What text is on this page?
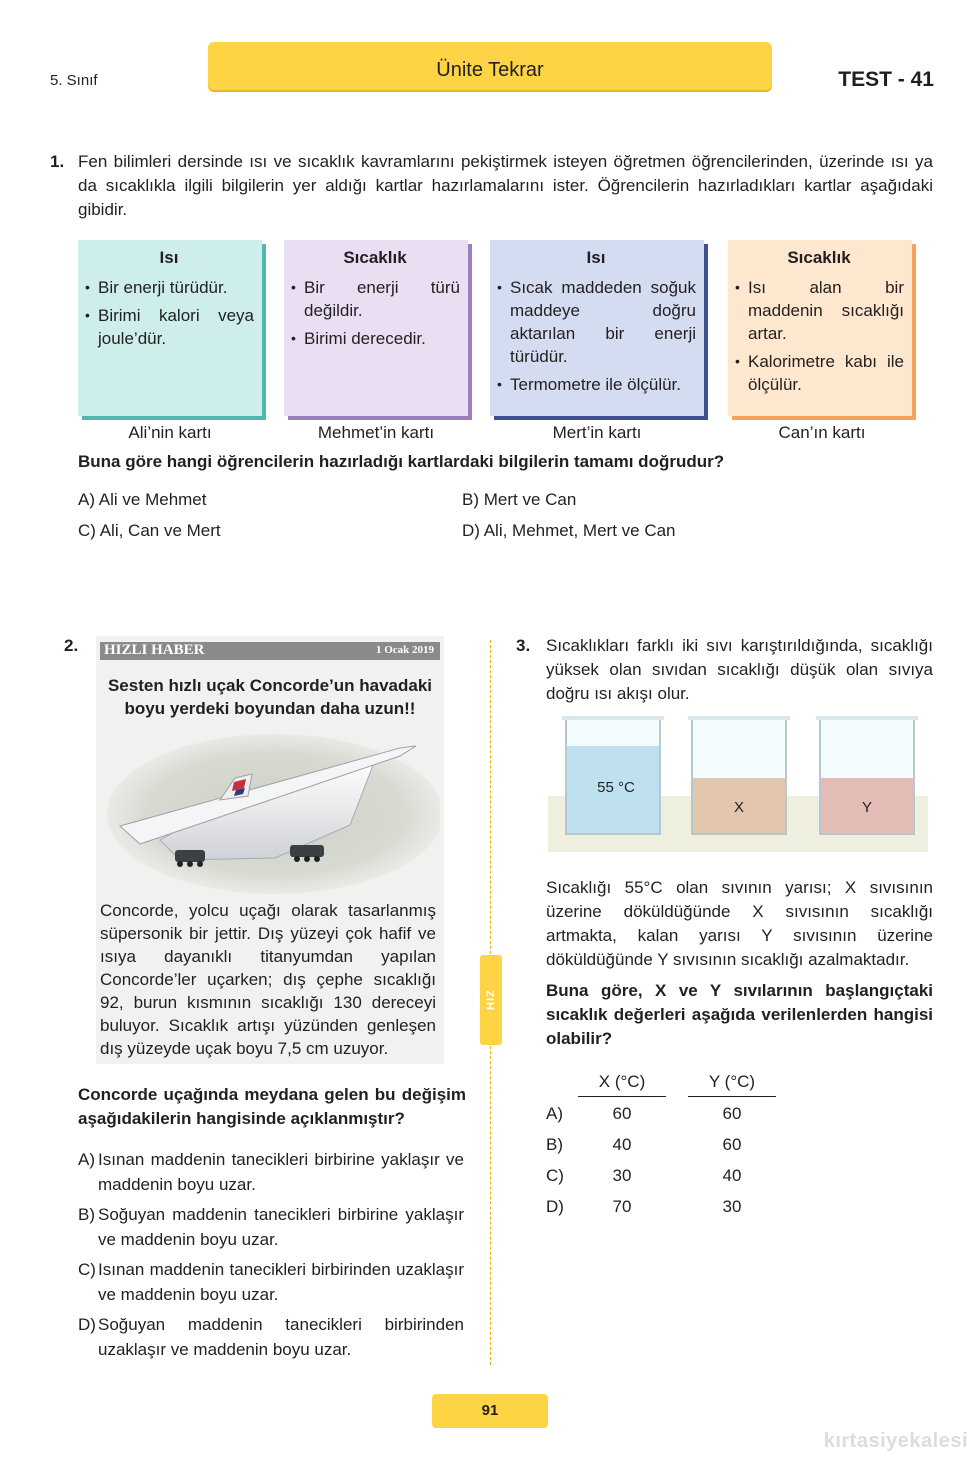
5. Sınıf	Ünite Tekrar	TEST - 41
1. Fen bilimleri dersinde ısı ve sıcaklık kavramlarını pekiştirmek isteyen öğretmen öğrencilerinden, üzerinde ısı ya da sıcaklıkla ilgili bilgilerin yer aldığı kartlar hazırlamalarını ister. Öğrencilerin hazırladıkları kartlar aşağıdaki gibidir.
Isı
• Bir enerji türüdür.
• Birimi kalori veya joule’dür.
Sıcaklık
• Bir enerji türü değildir.
• Birimi derecedir.
Isı
• Sıcak maddeden soğuk maddeye doğru aktarılan bir enerji türüdür.
• Termometre ile ölçülür.
Sıcaklık
• Isı alan bir maddenin sıcaklığı artar.
• Kalorimetre kabı ile ölçülür.
Ali’nin kartı	Mehmet’in kartı	Mert’in kartı	Can’ın kartı
Buna göre hangi öğrencilerin hazırladığı kartlardaki bilgilerin tamamı doğrudur?
A) Ali ve Mehmet	B) Mert ve Can
C) Ali, Can ve Mert	D) Ali, Mehmet, Mert ve Can
HIZ YAYINLARI
2. HIZLI HABER	1 Ocak 2019
Sesten hızlı uçak Concorde’un havadaki boyu yerdeki boyundan daha uzun!!
Concorde, yolcu uçağı olarak tasarlanmış süpersonik bir jettir. Dış yüzeyi çok hafif ve ısıya dayanıklı titanyumdan yapılan Concorde’ler uçarken; dış çephe sıcaklığı 92, burun kısmının sıcaklığı 130 dereceyi buluyor. Sıcaklık artışı yüzünden genleşen dış yüzeyde uçak boyu 7,5 cm uzuyor.
Concorde uçağında meydana gelen bu değişim aşağıdakilerin hangisinde açıklanmıştır?
A) Isınan maddenin tanecikleri birbirine yaklaşır ve maddenin boyu uzar.
B) Soğuyan maddenin tanecikleri birbirine yaklaşır ve maddenin boyu uzar.
C) Isınan maddenin tanecikleri birbirinden uzaklaşır ve maddenin boyu uzar.
D) Soğuyan maddenin tanecikleri birbirinden uzaklaşır ve maddenin boyu uzar.
3. Sıcaklıkları farklı iki sıvı karıştırıldığında, sıcaklığı yüksek olan sıvıdan sıcaklığı düşük olan sıvıya doğru ısı akışı olur.
55 °C
X	Y
Sıcaklığı 55°C olan sıvının yarısı; X sıvısının üzerine döküldüğünde X sıvısının sıcaklığı artmakta, kalan yarısı Y sıvısının üzerine döküldüğünde Y sıvısının sıcaklığı azalmaktadır.
Buna göre, X ve Y sıvılarının başlangıçtaki sıcaklık değerleri aşağıda verilenlerden hangisi olabilir?
X (°C)	Y (°C)
A)	60	60
B)	40	60
C)	30	40
D)	70	30
91
kırtasiyekalesi
